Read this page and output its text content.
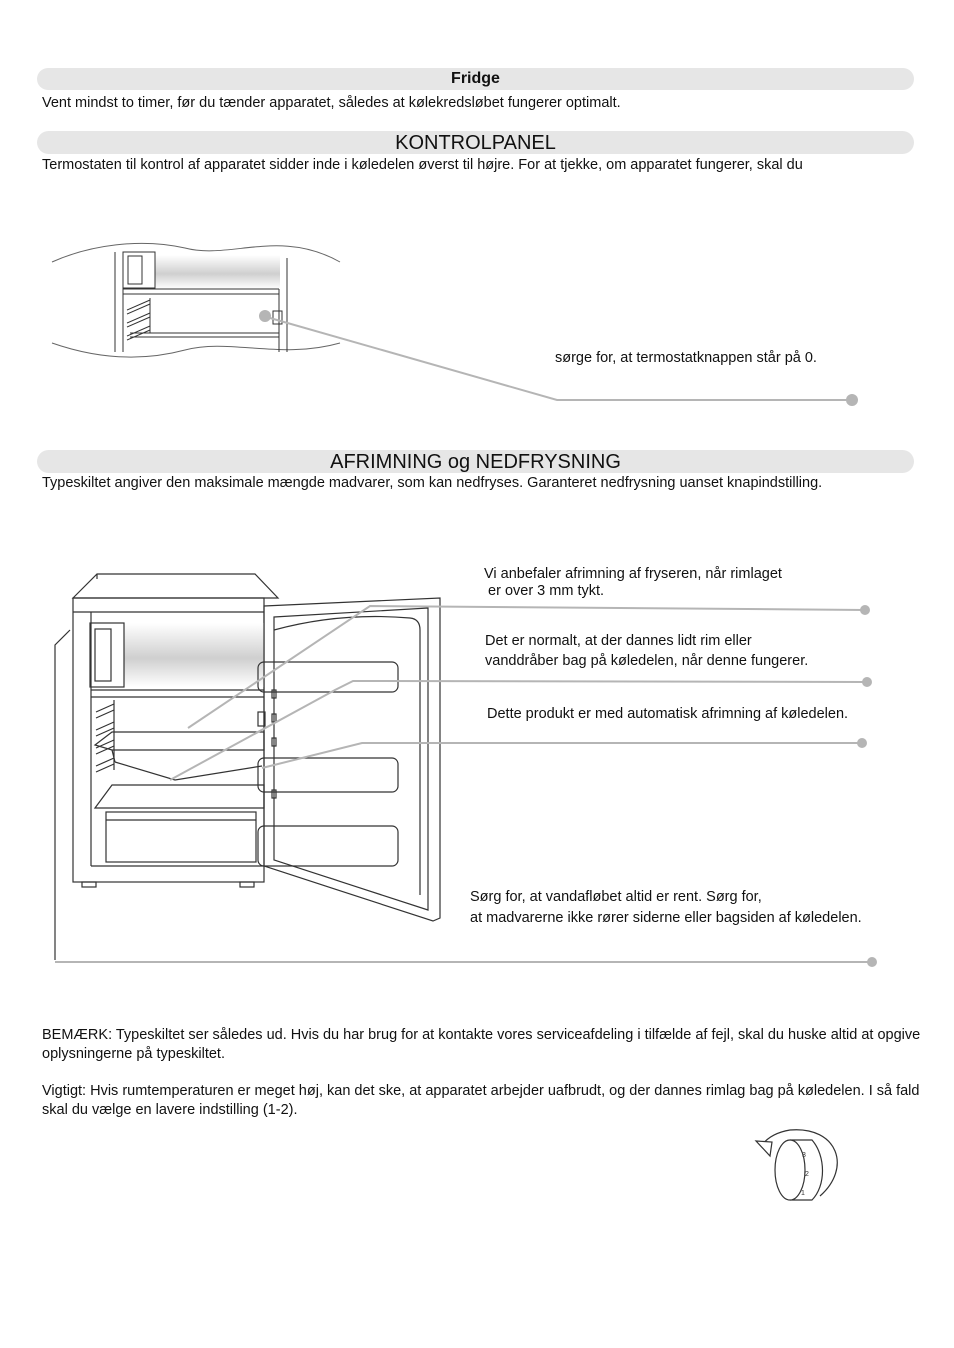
Fridge
Vent mindst to timer, før du tænder apparatet, således at kølekredsløbet fungerer optimalt.
KONTROLPANEL
Termostaten til kontrol af apparatet sidder inde i køledelen øverst til højre. For at tjekke, om apparatet fungerer, skal du
sørge for, at termostatknappen står på 0.
AFRIMNING og NEDFRYSNING
Typeskiltet angiver den maksimale mængde madvarer, som kan nedfryses. Garanteret nedfrysning uanset knapindstilling.
Vi anbefaler afrimning af fryseren, når rimlaget
er over 3 mm tykt.
Det er normalt, at der dannes lidt rim eller
vanddråber bag på køledelen, når denne fungerer.
Dette produkt er med automatisk afrimning af køledelen.
Sørg for, at vandafløbet altid er rent. Sørg for,
at madvarerne ikke rører siderne eller bagsiden af køledelen.
BEMÆRK: Typeskiltet ser således ud. Hvis du har brug for at kontakte vores serviceafdeling i tilfælde af fejl, skal du huske altid at opgive oplysningerne på typeskiltet.
Vigtigt: Hvis rumtemperaturen er meget høj, kan det ske, at apparatet arbejder uafbrudt, og der dannes rimlag bag på køledelen. I så fald skal du vælge en lavere indstilling (1-2).
3
2
1
